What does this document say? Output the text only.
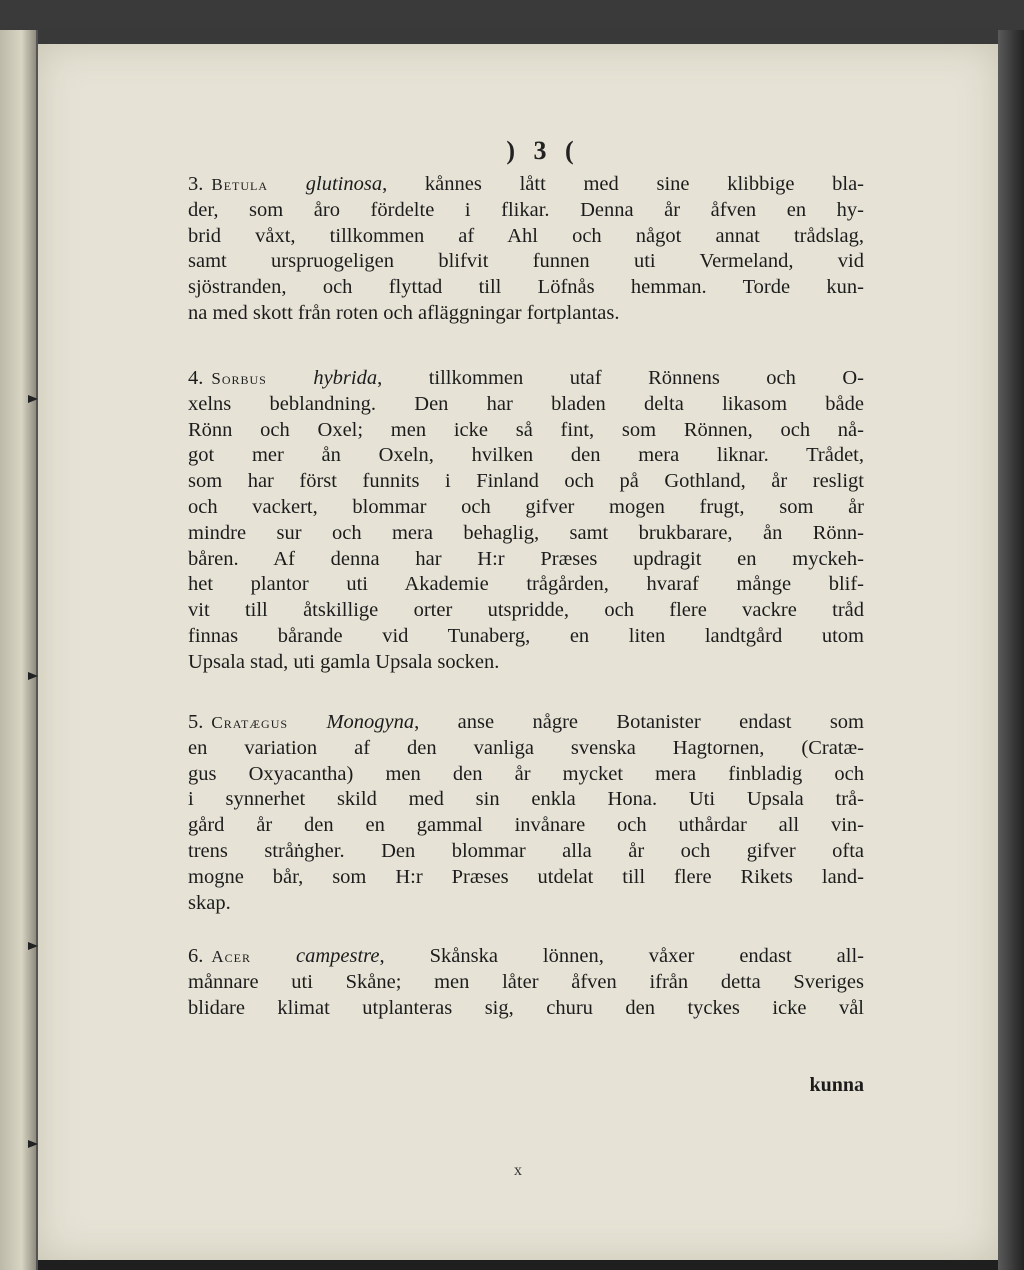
) 3 (
3. Betula glutinosa, kånnes lått med sine klibbige bla-
der, som åro fördelte i flikar. Denna år åfven en hy-
brid våxt, tillkommen af Ahl och något annat trådslag,
samt urspruogeligen blifvit funnen uti Vermeland, vid
sjöstranden, och flyttad till Löfnås hemman. Torde kun-
na med skott från roten och afläggningar fortplantas.
4. Sorbus hybrida, tillkommen utaf Rönnens och O-
xelns beblandning. Den har bladen delta likasom både
Rönn och Oxel; men icke så fint, som Rönnen, och nå-
got mer ån Oxeln, hvilken den mera liknar. Trådet,
som har först funnits i Finland och på Gothland, år resligt
och vackert, blommar och gifver mogen frugt, som år
mindre sur och mera behaglig, samt brukbarare, ån Rönn-
båren. Af denna har H:r Præses updragit en myckeh-
het plantor uti Akademie trågården, hvaraf månge blif-
vit till åtskillige orter utspridde, och flere vackre tråd
finnas bårande vid Tunaberg, en liten landtgård utom
Upsala stad, uti gamla Upsala socken.
5. Cratægus Monogyna, anse någre Botanister endast som
en variation af den vanliga svenska Hagtornen, (Cratæ-
gus Oxyacantha) men den år mycket mera finbladig och
i synnerhet skild med sin enkla Hona. Uti Upsala trå-
gård år den en gammal invånare och uthårdar all vin-
trens stråṅgher. Den blommar alla år och gifver ofta
mogne bår, som H:r Præses utdelat till flere Rikets land-
skap.
6. Acer campestre, Skånska lönnen, våxer endast all-
månnare uti Skåne; men låter åfven ifrån detta Sveriges
blidare klimat utplanteras sig, churu den tyckes icke vål
kunna
x
